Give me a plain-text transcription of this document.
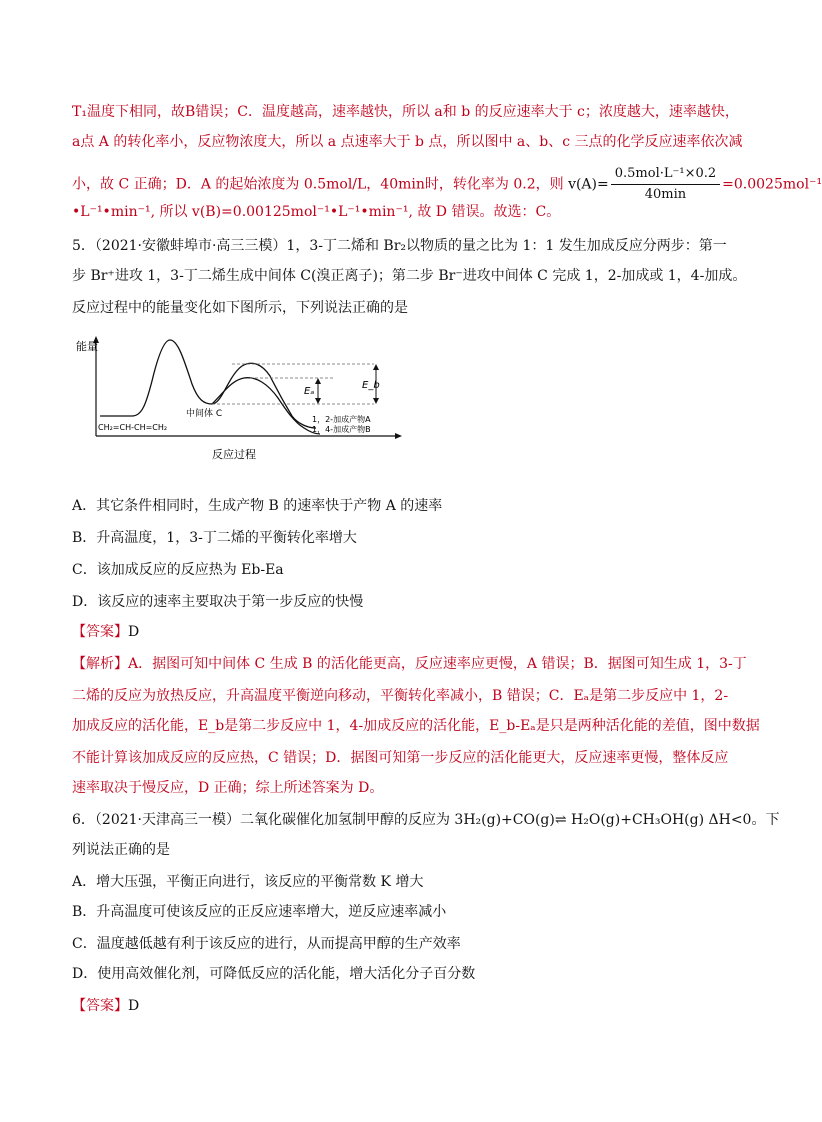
T₁温度下相同，故B错误；C．温度越高，速率越快，所以 a和 b 的反应速率大于 c；浓度越大，速率越快，
a点 A 的转化率小，反应物浓度大，所以 a 点速率大于 b 点，所以图中 a、b、c 三点的化学反应速率依次减
小，故 C 正确；D．A 的起始浓度为 0.5mol/L，40min时，转化率为 0.2，则 $v(A)= \frac{\text{0.5mol·L⁻¹×0.2}}{40\min} =0.0025mol^{-1}$
•L⁻¹•min⁻¹, 所以 v(B)=0.00125mol⁻¹•L⁻¹•min⁻¹, 故 D 错误。故选：C。
5．（2021·安徽蚌埠市·高三三模）1，3-丁二烯和 Br₂以物质的量之比为 1：1 发生加成反应分两步：第一
步 Br⁺进攻 1，3-丁二烯生成中间体 C(溴正离子)；第二步 Br⁻进攻中间体 C 完成 1，2-加成或 1，4-加成。
反应过程中的能量变化如下图所示，下列说法正确的是
能量
Eₐ
E_b
CH₂=CH-CH=CH₂
中间体 C
1，2-加成产物A
1，4-加成产物B
反应过程
A．其它条件相同时，生成产物 B 的速率快于产物 A 的速率
B．升高温度，1，3-丁二烯的平衡转化率增大
C．该加成反应的反应热为 Eb-Ea
D．该反应的速率主要取决于第一步反应的快慢
【答案】D
【解析】A．据图可知中间体 C 生成 B 的活化能更高，反应速率应更慢，A 错误；B．据图可知生成 1，3-丁
二烯的反应为放热反应，升高温度平衡逆向移动，平衡转化率减小，B 错误；C．Eₐ是第二步反应中 1，2-
加成反应的活化能，E_b是第二步反应中 1，4-加成反应的活化能，E_b-Eₐ是只是两种活化能的差值，图中数据
不能计算该加成反应的反应热，C 错误；D．据图可知第一步反应的活化能更大，反应速率更慢，整体反应
速率取决于慢反应，D 正确；综上所述答案为 D。
6．（2021·天津高三一模）二氧化碳催化加氢制甲醇的反应为 3H₂(g)+CO(g)⇌ H₂O(g)+CH₃OH(g) ΔH<0。下
列说法正确的是
A．增大压强，平衡正向进行，该反应的平衡常数 K 增大
B．升高温度可使该反应的正反应速率增大，逆反应速率减小
C．温度越低越有利于该反应的进行，从而提高甲醇的生产效率
D．使用高效催化剂，可降低反应的活化能，增大活化分子百分数
【答案】D
